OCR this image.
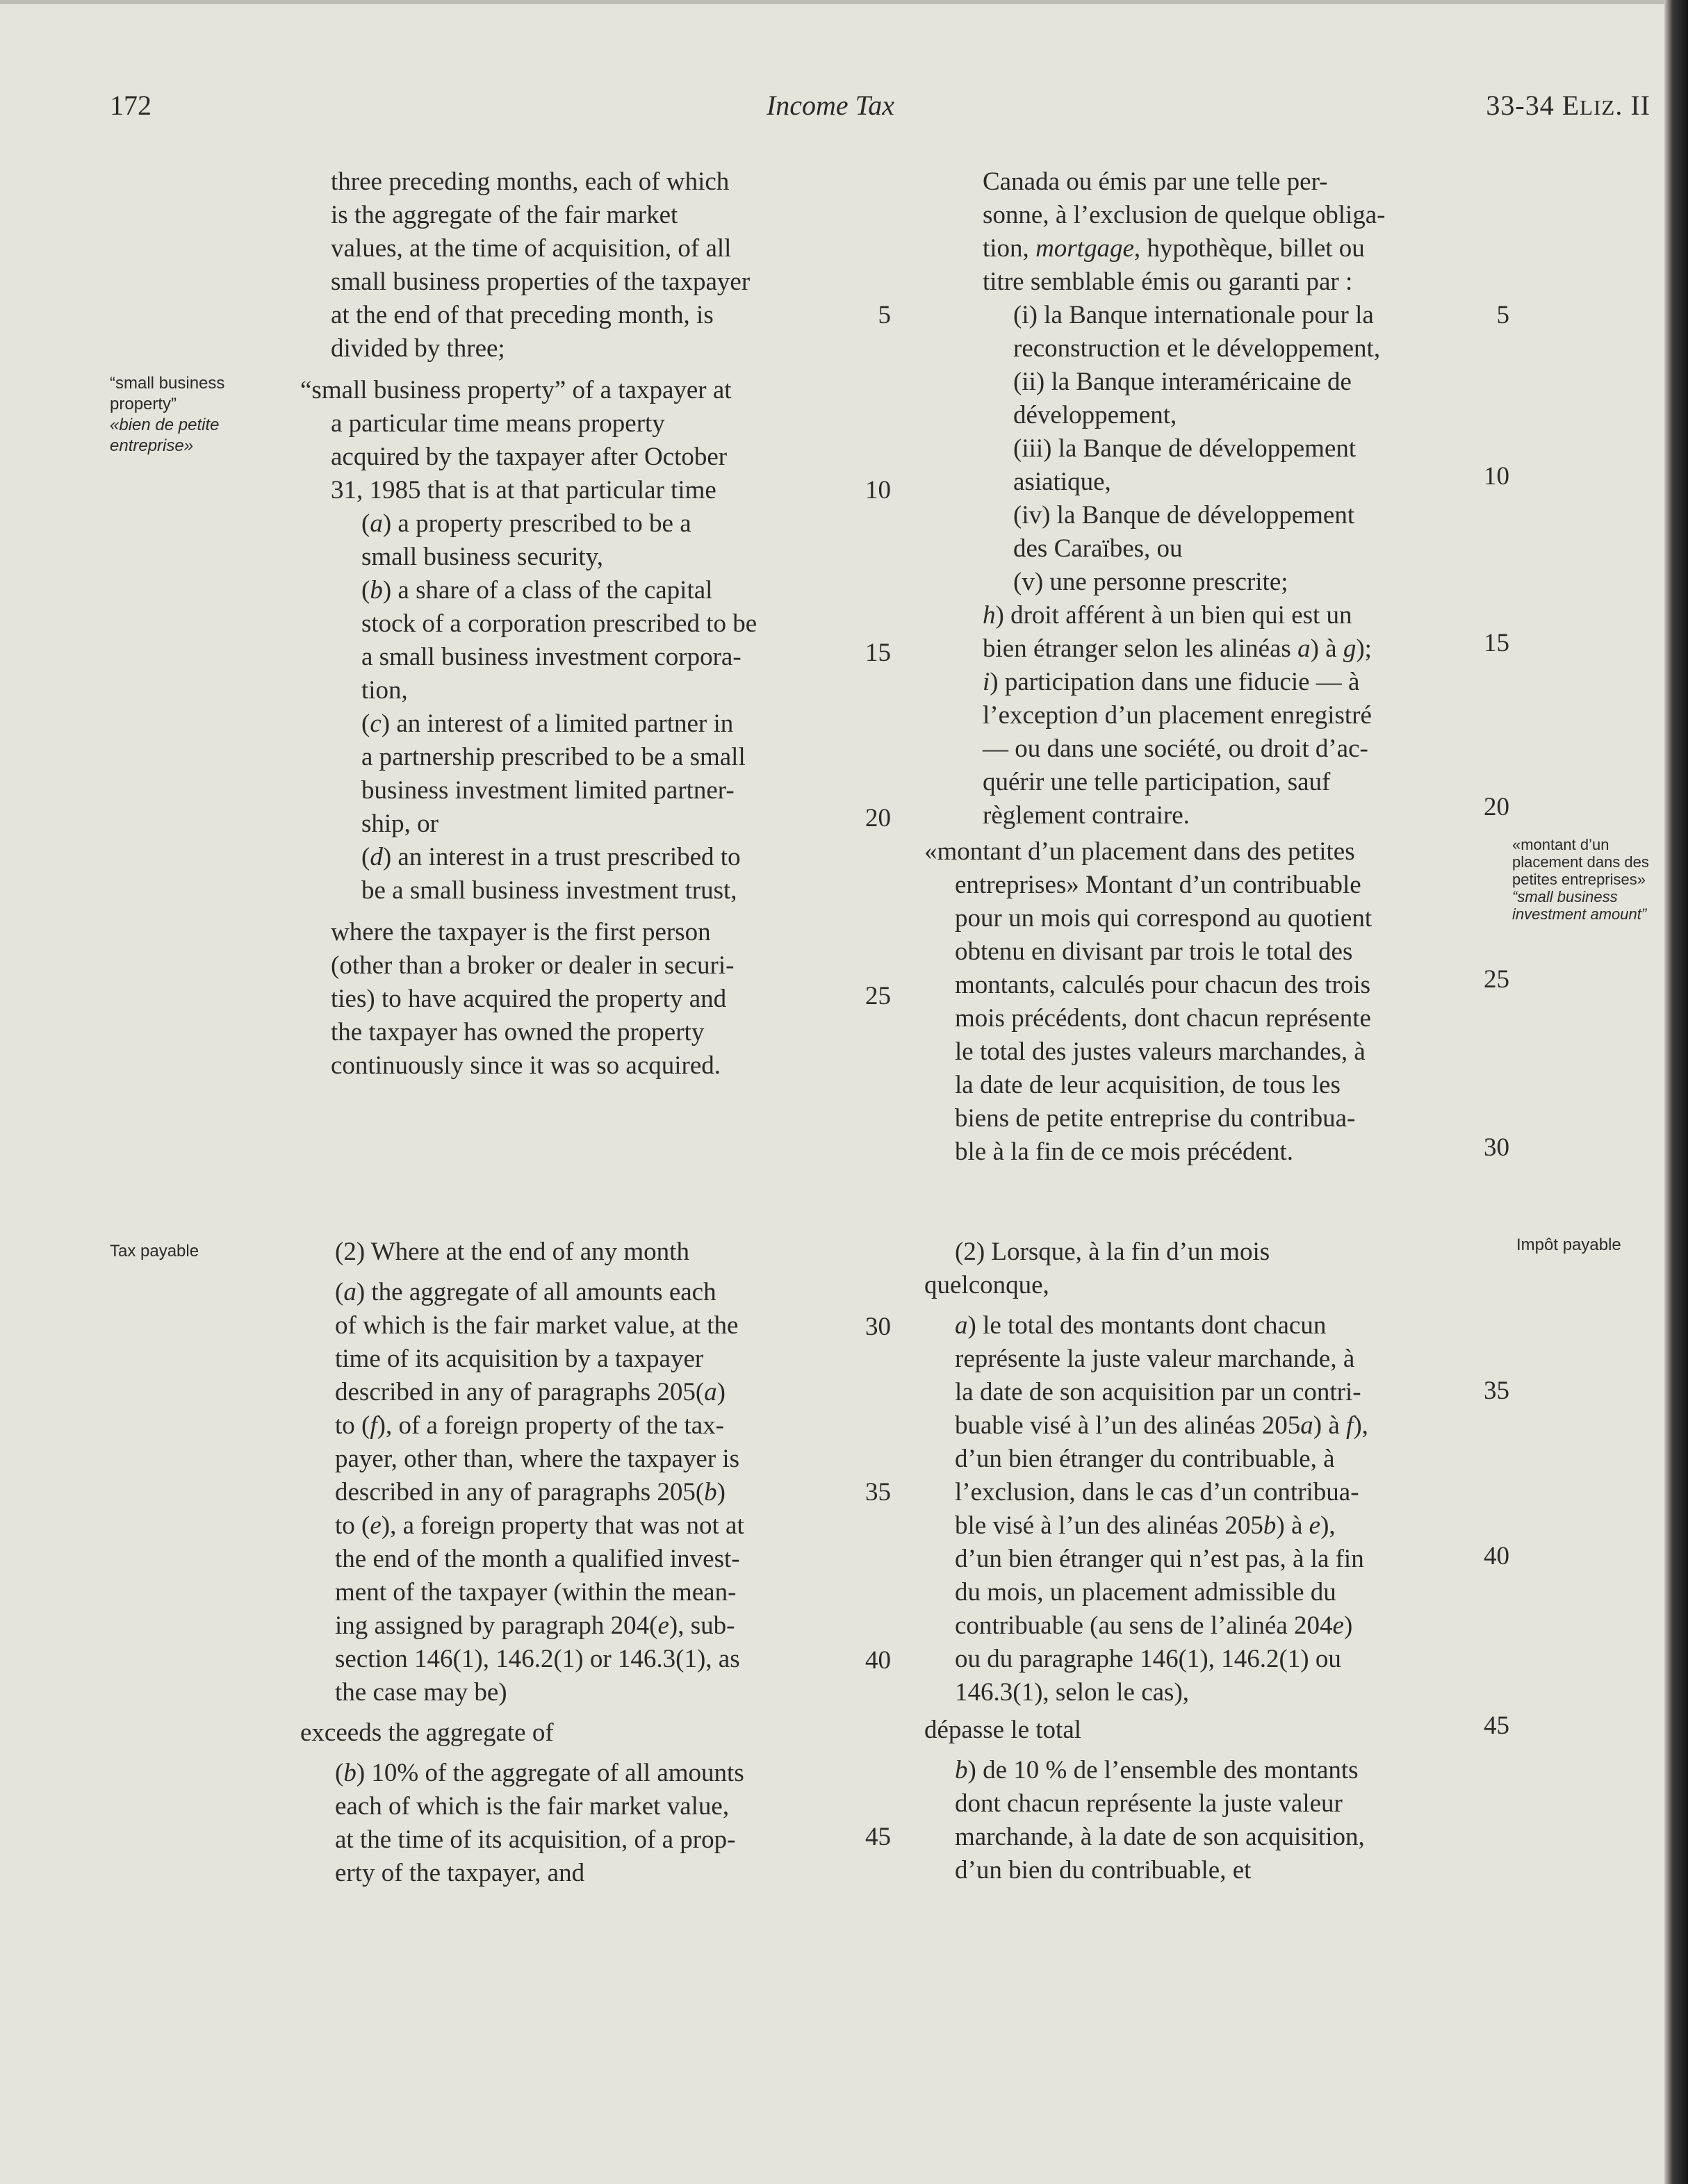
172	Income Tax	33-34 ELIZ. II
“small business property”
«bien de petite entreprise»
Tax payable
«montant d’un placement dans des petites entreprises»
“small business investment amount”
Impôt payable

three preceding months, each of which

is the aggregate of the fair market

values, at the time of acquisition, of all

small business properties of the taxpayer

at the end of that preceding month, is

divided by three;

“small business property” of a taxpayer at

a particular time means property

acquired by the taxpayer after October

31, 1985 that is at that particular time

(a) a property prescribed to be a

small business security,

(b) a share of a class of the capital

stock of a corporation prescribed to be

a small business investment corpora-

tion,

(c) an interest of a limited partner in

a partnership prescribed to be a small

business investment limited partner-

ship, or

(d) an interest in a trust prescribed to

be a small business investment trust,

where the taxpayer is the first person

(other than a broker or dealer in securi-

ties) to have acquired the property and

the taxpayer has owned the property

continuously since it was so acquired.

(2) Where at the end of any month

(a) the aggregate of all amounts each

of which is the fair market value, at the

time of its acquisition by a taxpayer

described in any of paragraphs 205(a)

to (f), of a foreign property of the tax-

payer, other than, where the taxpayer is

described in any of paragraphs 205(b)

to (e), a foreign property that was not at

the end of the month a qualified invest-

ment of the taxpayer (within the mean-

ing assigned by paragraph 204(e), sub-

section 146(1), 146.2(1) or 146.3(1), as

the case may be)

exceeds the aggregate of

(b) 10% of the aggregate of all amounts

each of which is the fair market value,

at the time of its acquisition, of a prop-

erty of the taxpayer, and

5
10
15
20
25
30
35
40
45

Canada ou émis par une telle per-

sonne, à l’exclusion de quelque obliga-

tion, mortgage, hypothèque, billet ou

titre semblable émis ou garanti par :

(i) la Banque internationale pour la

reconstruction et le développement,

(ii) la Banque interaméricaine de

développement,

(iii) la Banque de développement

asiatique,

(iv) la Banque de développement

des Caraïbes, ou

(v) une personne prescrite;

h) droit afférent à un bien qui est un

bien étranger selon les alinéas a) à g);

i) participation dans une fiducie — à

l’exception d’un placement enregistré

— ou dans une société, ou droit d’ac-

quérir une telle participation, sauf

règlement contraire.

«montant d’un placement dans des petites

entreprises» Montant d’un contribuable

pour un mois qui correspond au quotient

obtenu en divisant par trois le total des

montants, calculés pour chacun des trois

mois précédents, dont chacun représente

le total des justes valeurs marchandes, à

la date de leur acquisition, de tous les

biens de petite entreprise du contribua-

ble à la fin de ce mois précédent.

(2) Lorsque, à la fin d’un mois

quelconque,

a) le total des montants dont chacun

représente la juste valeur marchande, à

la date de son acquisition par un contri-

buable visé à l’un des alinéas 205a) à f),

d’un bien étranger du contribuable, à

l’exclusion, dans le cas d’un contribua-

ble visé à l’un des alinéas 205b) à e),

d’un bien étranger qui n’est pas, à la fin

du mois, un placement admissible du

contribuable (au sens de l’alinéa 204e)

ou du paragraphe 146(1), 146.2(1) ou

146.3(1), selon le cas),

dépasse le total

b) de 10 % de l’ensemble des montants

dont chacun représente la juste valeur

marchande, à la date de son acquisition,

d’un bien du contribuable, et

5
10
15
20
25
30
35
40
45
